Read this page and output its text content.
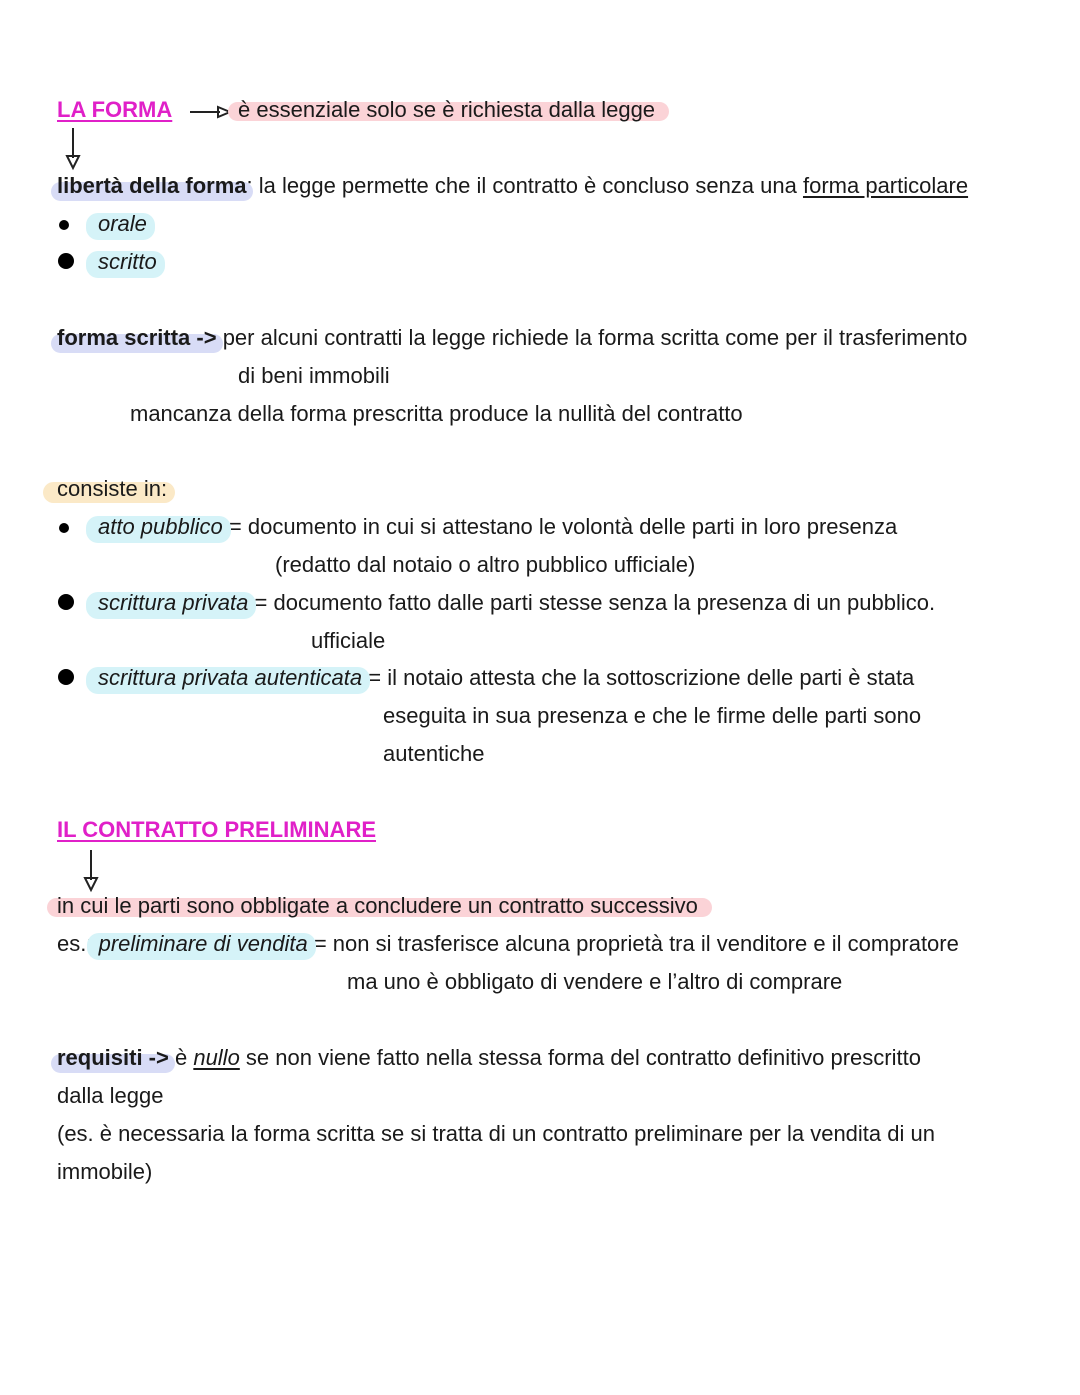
LA FORMA	è essenziale solo se è richiesta dalla legge
libertà della forma: la legge permette che il contratto è concluso senza una forma particolare
orale
scritto
forma scritta -> per alcuni contratti la legge richiede la forma scritta come per il trasferimento
di beni immobili
mancanza della forma prescritta produce la nullità del contratto
consiste in:
atto pubblico = documento in cui si attestano le volontà delle parti in loro presenza
(redatto dal notaio o altro pubblico ufficiale)
scrittura privata = documento fatto dalle parti stesse senza la presenza di un pubblico.
ufficiale
scrittura privata autenticata = il notaio attesta che la sottoscrizione delle parti è stata
eseguita in sua presenza e che le firme delle parti sono
autentiche
IL CONTRATTO PRELIMINARE
in cui le parti sono obbligate a concludere un contratto successivo
es.: preliminare di vendita = non si trasferisce alcuna proprietà tra il venditore e il compratore
ma uno è obbligato di vendere e l’altro di comprare
requisiti -> è nullo se non viene fatto nella stessa forma del contratto definitivo prescritto
dalla legge
(es. è necessaria la forma scritta se si tratta di un contratto preliminare per la vendita di un
immobile)
